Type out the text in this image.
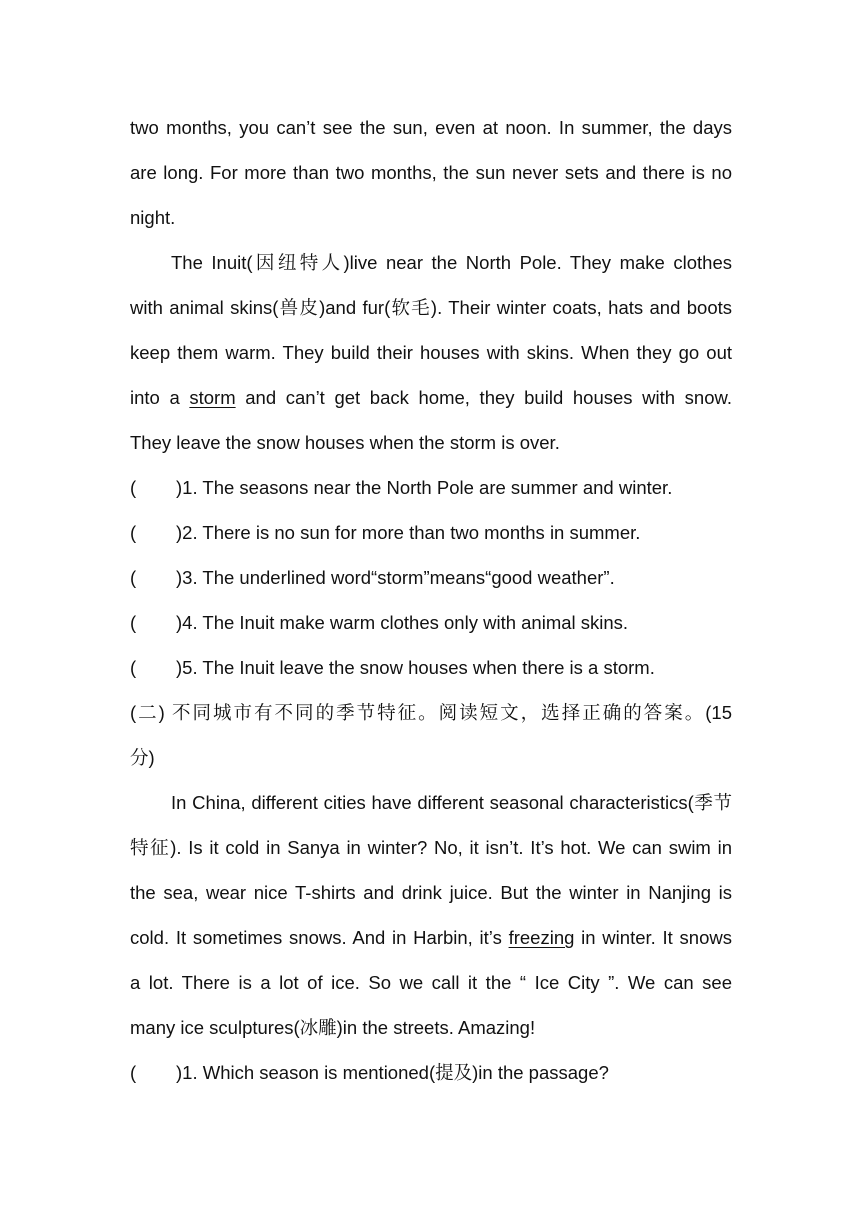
two months, you can’t see the sun, even at noon. In summer, the days
are long. For more than two months, the sun never sets and there is no
night.
The Inuit(因纽特人)live near the North Pole. They make clothes
with animal skins(兽皮)and fur(软毛). Their winter coats, hats and boots
keep them warm. They build their houses with skins. When they go out
into a storm and can’t get back home, they build houses with snow.
They leave the snow houses when the storm is over.
( )1. The seasons near the North Pole are summer and winter.
( )2. There is no sun for more than two months in summer.
( )3. The underlined word“storm”means“good weather”.
( )4. The Inuit make warm clothes only with animal skins.
( )5. The Inuit leave the snow houses when there is a storm.
(二) 不同城市有不同的季节特征。阅读短文，选择正确的答案。(15
分)
In China, different cities have different seasonal characteristics(季节
特征). Is it cold in Sanya in winter? No, it isn’t. It’s hot. We can swim in
the sea, wear nice T-shirts and drink juice. But the winter in Nanjing is
cold. It sometimes snows. And in Harbin, it’s freezing in winter. It snows
a lot. There is a lot of ice. So we call it the “ Ice City ”. We can see
many ice sculptures(冰雕)in the streets. Amazing!
( )1. Which season is mentioned(提及)in the passage?
